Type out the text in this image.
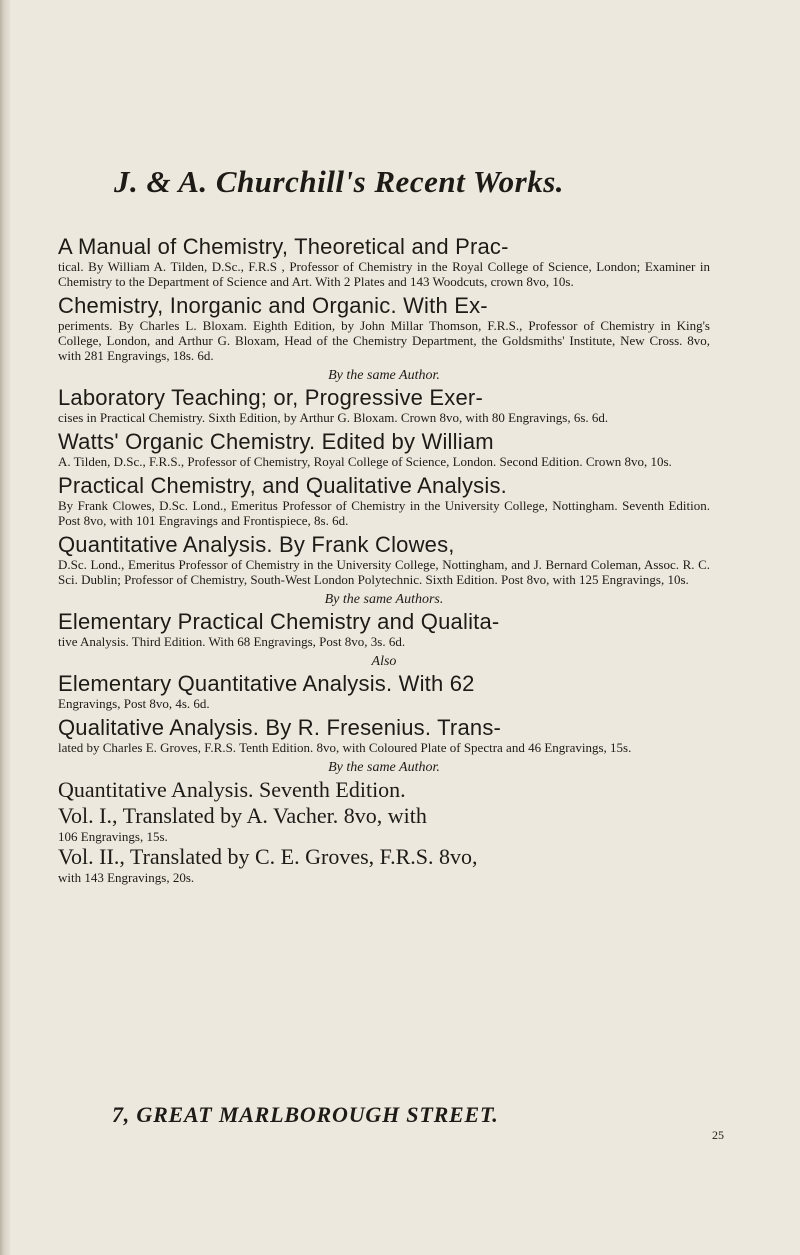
J. & A. Churchill's Recent Works.
A Manual of Chemistry, Theoretical and Prac-
tical. By William A. Tilden, D.Sc., F.R.S , Professor of Chemistry in the Royal College of Science, London; Examiner in Chemistry to the Department of Science and Art. With 2 Plates and 143 Woodcuts, crown 8vo, 10s.
Chemistry, Inorganic and Organic. With Ex-
periments. By Charles L. Bloxam. Eighth Edition, by John Millar Thomson, F.R.S., Professor of Chemistry in King's College, London, and Arthur G. Bloxam, Head of the Chemistry Department, the Goldsmiths' Institute, New Cross. 8vo, with 281 Engravings, 18s. 6d.
By the same Author.
Laboratory Teaching; or, Progressive Exer-
cises in Practical Chemistry. Sixth Edition, by Arthur G. Bloxam. Crown 8vo, with 80 Engravings, 6s. 6d.
Watts' Organic Chemistry. Edited by William
A. Tilden, D.Sc., F.R.S., Professor of Chemistry, Royal College of Science, London. Second Edition. Crown 8vo, 10s.
Practical Chemistry, and Qualitative Analysis.
By Frank Clowes, D.Sc. Lond., Emeritus Professor of Chemistry in the University College, Nottingham. Seventh Edition. Post 8vo, with 101 Engravings and Frontispiece, 8s. 6d.
Quantitative Analysis. By Frank Clowes,
D.Sc. Lond., Emeritus Professor of Chemistry in the University College, Nottingham, and J. Bernard Coleman, Assoc. R. C. Sci. Dublin; Professor of Chemistry, South-West London Polytechnic. Sixth Edition. Post 8vo, with 125 Engravings, 10s.
By the same Authors.
Elementary Practical Chemistry and Qualita-
tive Analysis. Third Edition. With 68 Engravings, Post 8vo, 3s. 6d.
Also
Elementary Quantitative Analysis. With 62
Engravings, Post 8vo, 4s. 6d.
Qualitative Analysis. By R. Fresenius. Trans-
lated by Charles E. Groves, F.R.S. Tenth Edition. 8vo, with Coloured Plate of Spectra and 46 Engravings, 15s.
By the same Author.
Quantitative Analysis. Seventh Edition.
Vol. I., Translated by A. Vacher. 8vo, with
106 Engravings, 15s.
Vol. II., Translated by C. E. Groves, F.R.S. 8vo,
with 143 Engravings, 20s.
7, GREAT MARLBOROUGH STREET.
25
